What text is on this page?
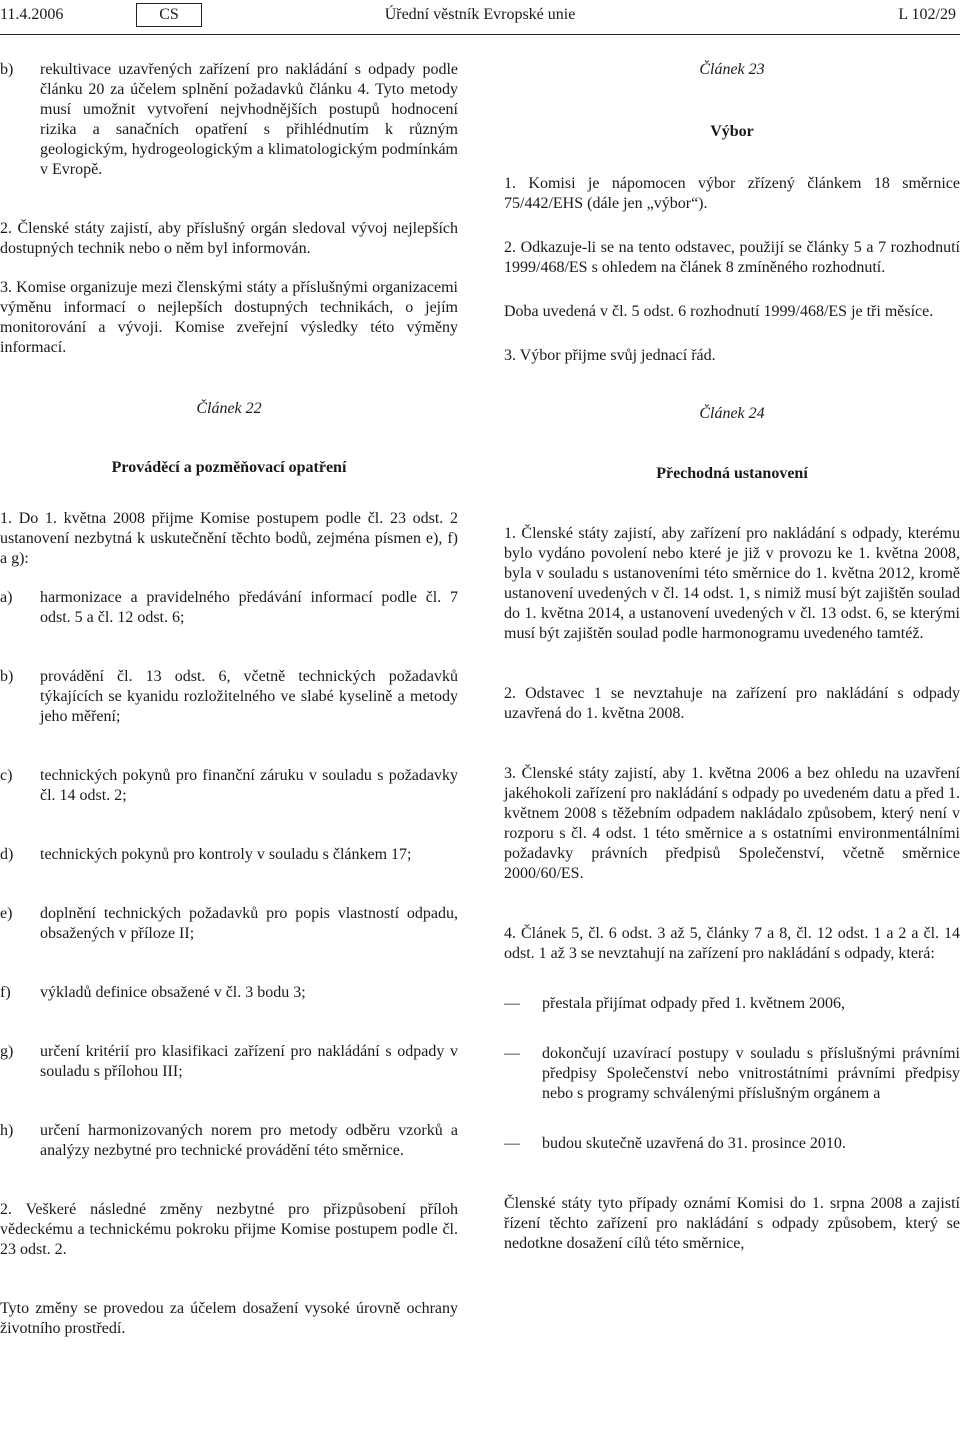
11.4.2006	CS	Úřední věstník Evropské unie	L 102/29
b) rekultivace uzavřených zařízení pro nakládání s odpady podle článku 20 za účelem splnění požadavků článku 4. Tyto metody musí umožnit vytvoření nejvhodnějších postupů hodnocení rizika a sanačních opatření s přihlédnutím k různým geologickým, hydrogeologickým a klimatologickým podmínkám v Evropě.

2. Členské státy zajistí, aby příslušný orgán sledoval vývoj nejlepších dostupných technik nebo o něm byl informován.

3. Komise organizuje mezi členskými státy a příslušnými organizacemi výměnu informací o nejlepších dostupných technikách, o jejím monitorování a vývoji. Komise zveřejní výsledky této výměny informací.

Článek 22

Prováděcí a pozměňovací opatření

1. Do 1. května 2008 přijme Komise postupem podle čl. 23 odst. 2 ustanovení nezbytná k uskutečnění těchto bodů, zejména písmen e), f) a g):

a) harmonizace a pravidelného předávání informací podle čl. 7 odst. 5 a čl. 12 odst. 6;
b) provádění čl. 13 odst. 6, včetně technických požadavků týkajících se kyanidu rozložitelného ve slabé kyselině a metody jeho měření;
c) technických pokynů pro finanční záruku v souladu s požadavky čl. 14 odst. 2;
d) technických pokynů pro kontroly v souladu s článkem 17;
e) doplnění technických požadavků pro popis vlastností odpadu, obsažených v příloze II;
f) výkladů definice obsažené v čl. 3 bodu 3;
g) určení kritérií pro klasifikaci zařízení pro nakládání s odpady v souladu s přílohou III;
h) určení harmonizovaných norem pro metody odběru vzorků a analýzy nezbytné pro technické provádění této směrnice.

2. Veškeré následné změny nezbytné pro přizpůsobení příloh vědeckému a technickému pokroku přijme Komise postupem podle čl. 23 odst. 2.

Tyto změny se provedou za účelem dosažení vysoké úrovně ochrany životního prostředí.

Článek 23

Výbor

1. Komisi je nápomocen výbor zřízený článkem 18 směrnice 75/442/EHS (dále jen „výbor“).

2. Odkazuje-li se na tento odstavec, použijí se články 5 a 7 rozhodnutí 1999/468/ES s ohledem na článek 8 zmíněného rozhodnutí.

Doba uvedená v čl. 5 odst. 6 rozhodnutí 1999/468/ES je tři měsíce.

3. Výbor přijme svůj jednací řád.

Článek 24

Přechodná ustanovení

1. Členské státy zajistí, aby zařízení pro nakládání s odpady, kterému bylo vydáno povolení nebo které je již v provozu ke 1. května 2008, byla v souladu s ustanoveními této směrnice do 1. května 2012, kromě ustanovení uvedených v čl. 14 odst. 1, s nimiž musí být zajištěn soulad do 1. května 2014, a ustanovení uvedených v čl. 13 odst. 6, se kterými musí být zajištěn soulad podle harmonogramu uvedeného tamtéž.

2. Odstavec 1 se nevztahuje na zařízení pro nakládání s odpady uzavřená do 1. května 2008.

3. Členské státy zajistí, aby 1. května 2006 a bez ohledu na uzavření jakéhokoli zařízení pro nakládání s odpady po uvedeném datu a před 1. květnem 2008 s těžebním odpadem nakládalo způsobem, který není v rozporu s čl. 4 odst. 1 této směrnice a s ostatními environmentálními požadavky právních předpisů Společenství, včetně směrnice 2000/60/ES.

4. Článek 5, čl. 6 odst. 3 až 5, články 7 a 8, čl. 12 odst. 1 a 2 a čl. 14 odst. 1 až 3 se nevztahují na zařízení pro nakládání s odpady, která:

— přestala přijímat odpady před 1. květnem 2006,
— dokončují uzavírací postupy v souladu s příslušnými právními předpisy Společenství nebo vnitrostátními právními předpisy nebo s programy schválenými příslušným orgánem a
— budou skutečně uzavřená do 31. prosince 2010.

Členské státy tyto případy oznámí Komisi do 1. srpna 2008 a zajistí řízení těchto zařízení pro nakládání s odpady způsobem, který se nedotkne dosažení cílů této směrnice,
